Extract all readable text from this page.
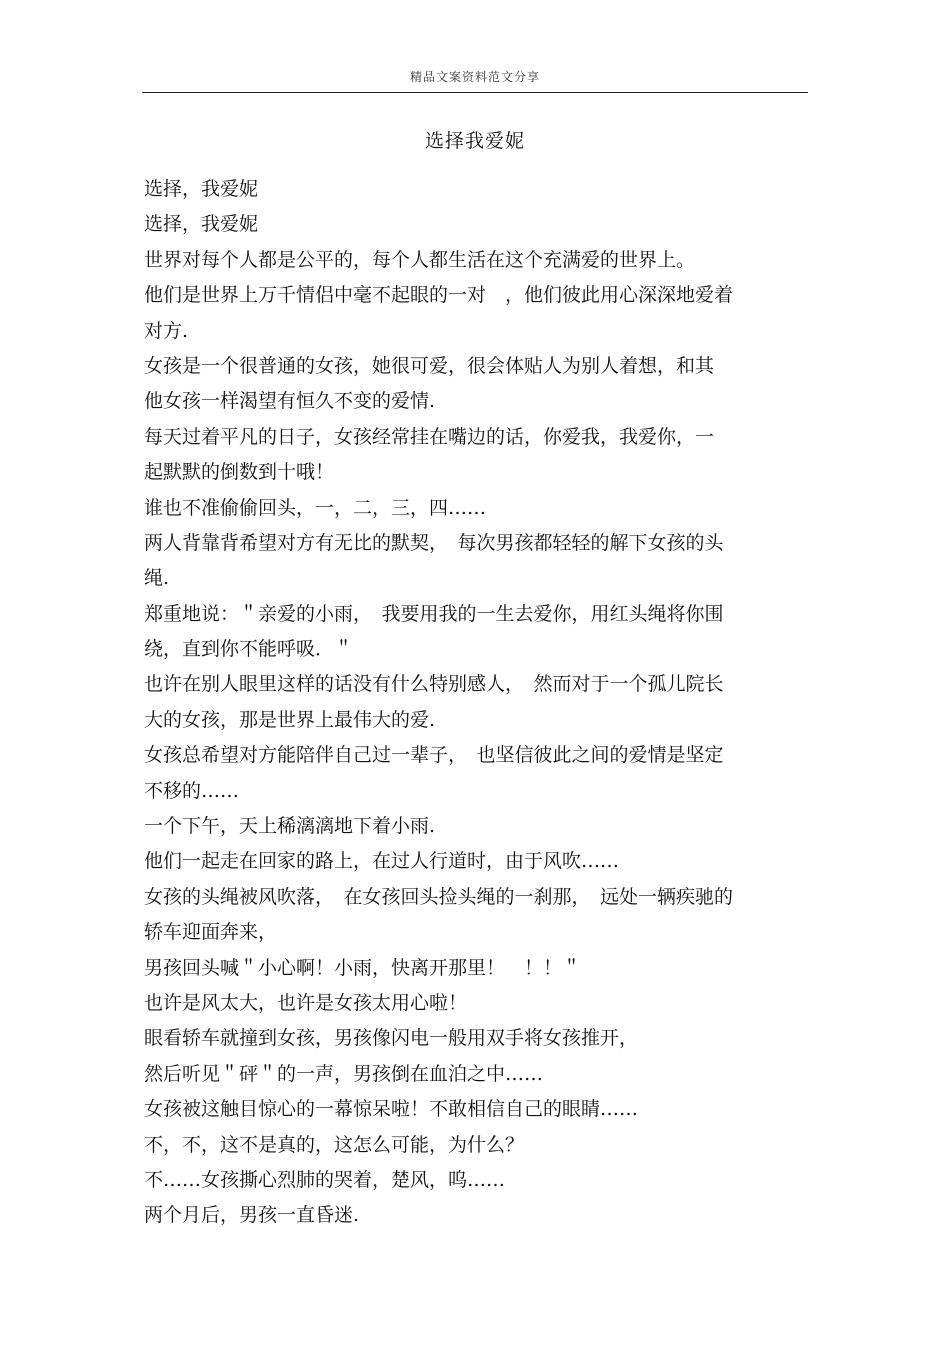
精品文案资料范文分享
选择我爱妮
选择，我爱妮
选择，我爱妮
世界对每个人都是公平的，每个人都生活在这个充满爱的世界上。
他们是世界上万千情侣中毫不起眼的一对　，他们彼此用心深深地爱着
对方.
女孩是一个很普通的女孩，她很可爱，很会体贴人为别人着想，和其
他女孩一样渴望有恒久不变的爱情.
每天过着平凡的日子，女孩经常挂在嘴边的话，你爱我，我爱你，一
起默默的倒数到十哦！
谁也不准偷偷回头，一，二，三，四……
两人背靠背希望对方有无比的默契，　每次男孩都轻轻的解下女孩的头
绳.
郑重地说：＂亲爱的小雨，　我要用我的一生去爱你，用红头绳将你围
绕，直到你不能呼吸．＂
也许在别人眼里这样的话没有什么特别感人，　然而对于一个孤儿院长
大的女孩，那是世界上最伟大的爱.
女孩总希望对方能陪伴自己过一辈子，　也坚信彼此之间的爱情是坚定
不移的……
一个下午，天上稀漓漓地下着小雨.
他们一起走在回家的路上，在过人行道时，由于风吹……
女孩的头绳被风吹落，　在女孩回头捡头绳的一刹那，　远处一辆疾驰的
轿车迎面奔来，
男孩回头喊＂小心啊！小雨，快离开那里！　！！＂
也许是风太大，也许是女孩太用心啦！
眼看轿车就撞到女孩，男孩像闪电一般用双手将女孩推开，
然后听见＂砰＂的一声，男孩倒在血泊之中……
女孩被这触目惊心的一幕惊呆啦！不敢相信自己的眼睛……
不，不，这不是真的，这怎么可能，为什么？
不……女孩撕心烈肺的哭着，楚风，呜……
两个月后，男孩一直昏迷.
